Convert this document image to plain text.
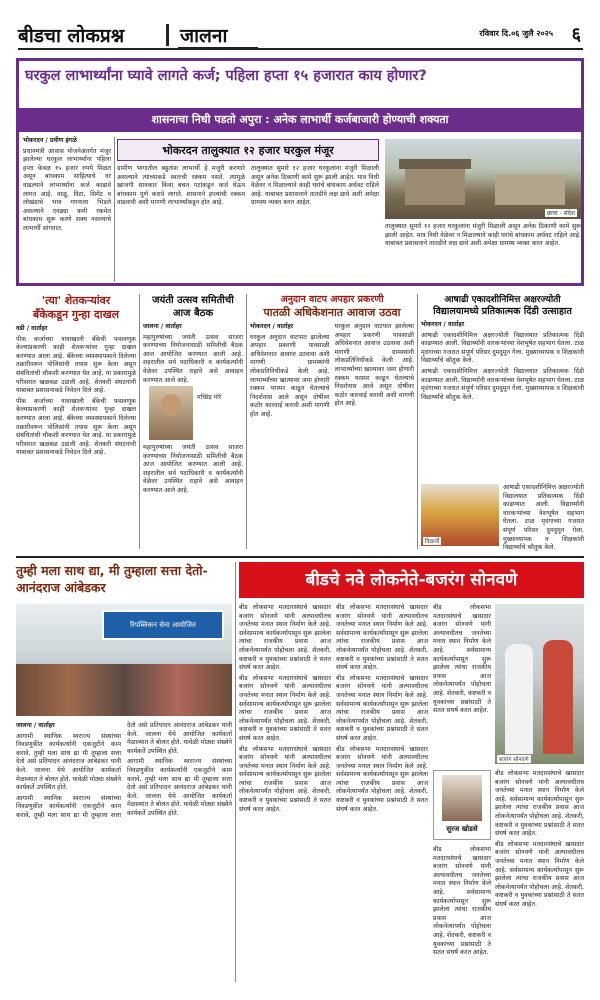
बीडचा लोकप्रश्न	जालना	रविवार दि.०६ जुलै २०२५ ६
घरकुल लाभार्थ्यांना घ्यावे लागते कर्ज; पहिला हप्ता १५ हजारात काय होणार?
शासनाचा निधी पडतो अपुरा : अनेक लाभार्थी कर्जबाजारी होण्याची शक्यता

भोकरदन / प्रवीण इंगळे

प्रधानमंत्री आवास योजनेअंतर्गत मंजूर झालेल्या घरकुल लाभार्थ्यांना पहिला हप्ता केवळ १५ हजार रुपये मिळत असून बांधकाम साहित्याचे दर वाढल्याने लाभार्थ्यांना कर्ज काढावे लागत आहे. वाळू, विटा, सिमेंट व लोखंडाचे भाव गगनाला भिडले असल्याने एवढ्या कमी रकमेत बांधकाम सुरू करणे शक्य नसल्याचे लाभार्थी सांगतात.

भोकरदन तालुक्यात १२ हजार घरकुल मंजूर

ग्रामीण भागातील बहुतांश लाभार्थी हे मजुरी करणारे असल्याने त्यांच्याकडे स्वतःची रक्कम नसते. त्यामुळे खाजगी सावकार किंवा बचत गटांकडून कर्ज घेऊन बांधकाम पूर्ण करावे लागते. शासनाने हप्त्यांची रक्कम वाढवावी अशी मागणी लाभार्थ्यांकडून होत आहे.

तालुक्यात सुमारे १२ हजार घरकुलांना मंजुरी मिळाली असून अनेक ठिकाणी कामे सुरू झाली आहेत. मात्र निधी वेळेवर न मिळाल्याने काही घरांचे बांधकाम अर्धवट राहिले आहे. याबाबत प्रशासनाने तातडीने लक्ष द्यावे अशी अपेक्षा ग्रामस्थ व्यक्त करत आहेत.

छाया - संदेश

तालुक्यात सुमारे १२ हजार घरकुलांना मंजुरी मिळाली असून अनेक ठिकाणी कामे सुरू झाली आहेत. मात्र निधी वेळेवर न मिळाल्याने काही घरांचे बांधकाम अर्धवट राहिले आहे. याबाबत प्रशासनाने तातडीने लक्ष द्यावे अशी अपेक्षा ग्रामस्थ व्यक्त करत आहेत.

'त्या' शेतकऱ्यांवर
बँकेकडून गुन्हा दाखल

वडी / वार्ताहर

पीक कर्जाच्या नावाखाली बँकेची फसवणूक केल्याप्रकरणी काही शेतकऱ्यांवर गुन्हा दाखल करण्यात आला आहे. बँकेच्या व्यवस्थापकाने दिलेल्या तक्रारीवरून पोलिसांनी तपास सुरू केला असून संबंधितांची चौकशी करण्यात येत आहे. या प्रकारामुळे परिसरात खळबळ उडाली आहे. शेतकरी संघटनांनी याबाबत प्रशासनाकडे निवेदन दिले आहे.

पीक कर्जाच्या नावाखाली बँकेची फसवणूक केल्याप्रकरणी काही शेतकऱ्यांवर गुन्हा दाखल करण्यात आला आहे. बँकेच्या व्यवस्थापकाने दिलेल्या तक्रारीवरून पोलिसांनी तपास सुरू केला असून संबंधितांची चौकशी करण्यात येत आहे. या प्रकारामुळे परिसरात खळबळ उडाली आहे. शेतकरी संघटनांनी याबाबत प्रशासनाकडे निवेदन दिले आहे.

जयंती उत्सव समितीची आज बैठक

जालना / वार्ताहर

महापुरुषांच्या जयंती उत्सव साजरा करण्याच्या नियोजनासाठी समितीची बैठक आज आयोजित करण्यात आली आहे. शहरातील सर्व पदाधिकारी व कार्यकर्त्यांनी वेळेवर उपस्थित राहावे असे आवाहन करण्यात आले आहे.

मच्छिंद्र मोरे

महापुरुषांच्या जयंती उत्सव साजरा करण्याच्या नियोजनासाठी समितीची बैठक आज आयोजित करण्यात आली आहे. शहरातील सर्व पदाधिकारी व कार्यकर्त्यांनी वेळेवर उपस्थित राहावे असे आवाहन करण्यात आले आहे.

अनुदान वाटप अपहार प्रकरणी
पातळी अधिकेशनात आवाज उठवा

भोकरदन / वार्ताहर

घरकुल अनुदान वाटपात झालेल्या अपहार प्रकरणी पावसाळी अधिवेशनात आवाज उठवावा अशी मागणी ग्रामस्थांनी लोकप्रतिनिधींकडे केली आहे. लाभार्थ्यांच्या खात्यावर जमा होणारी रक्कम परस्पर काढून घेतल्याचे निदर्शनास आले असून दोषींवर कठोर कारवाई करावी अशी मागणी होत आहे.

घरकुल अनुदान वाटपात झालेल्या अपहार प्रकरणी पावसाळी अधिवेशनात आवाज उठवावा अशी मागणी ग्रामस्थांनी लोकप्रतिनिधींकडे केली आहे. लाभार्थ्यांच्या खात्यावर जमा होणारी रक्कम परस्पर काढून घेतल्याचे निदर्शनास आले असून दोषींवर कठोर कारवाई करावी अशी मागणी होत आहे.

आषाढी एकादशीनिमित्त अक्षरज्योती
विद्यालयामध्ये प्रतिकात्मक दिंडी उत्साहात

भोकरदन / वार्ताहर

आषाढी एकादशीनिमित्त अक्षरज्योती विद्यालयात प्रतिकात्मक दिंडी काढण्यात आली. विद्यार्थ्यांनी वारकऱ्यांच्या वेशभूषेत सहभाग घेतला. टाळ मृदंगाच्या गजरात संपूर्ण परिसर दुमदुमून गेला. मुख्याध्यापक व शिक्षकांनी विद्यार्थ्यांचे कौतुक केले.

आषाढी एकादशीनिमित्त अक्षरज्योती विद्यालयात प्रतिकात्मक दिंडी काढण्यात आली. विद्यार्थ्यांनी वारकऱ्यांच्या वेशभूषेत सहभाग घेतला. टाळ मृदंगाच्या गजरात संपूर्ण परिसर दुमदुमून गेला. मुख्याध्यापक व शिक्षकांनी विद्यार्थ्यांचे कौतुक केले.

विद्यार्थी

आषाढी एकादशीनिमित्त अक्षरज्योती विद्यालयात प्रतिकात्मक दिंडी काढण्यात आली. विद्यार्थ्यांनी वारकऱ्यांच्या वेशभूषेत सहभाग घेतला. टाळ मृदंगाच्या गजरात संपूर्ण परिसर दुमदुमून गेला. मुख्याध्यापक व शिक्षकांनी विद्यार्थ्यांचे कौतुक केले.

तुम्ही मला साथ द्या, मी तुम्हाला सत्ता देतो-आनंदराज आंबेडकर
रिपब्लिकन सेना आयोजित

जालना / वार्ताहर

आगामी स्थानिक स्वराज्य संस्थांच्या निवडणुकीत कार्यकर्त्यांनी एकजुटीने काम करावे, तुम्ही मला साथ द्या मी तुम्हाला सत्ता देतो असे प्रतिपादन आनंदराज आंबेडकर यांनी केले. जालना येथे आयोजित कार्यकर्ता मेळाव्यात ते बोलत होते. यावेळी मोठ्या संख्येने कार्यकर्ते उपस्थित होते.

आगामी स्थानिक स्वराज्य संस्थांच्या निवडणुकीत कार्यकर्त्यांनी एकजुटीने काम करावे, तुम्ही मला साथ द्या मी तुम्हाला सत्ता देतो असे प्रतिपादन आनंदराज आंबेडकर यांनी केले. जालना येथे आयोजित कार्यकर्ता मेळाव्यात ते बोलत होते. यावेळी मोठ्या संख्येने कार्यकर्ते उपस्थित होते.

आगामी स्थानिक स्वराज्य संस्थांच्या निवडणुकीत कार्यकर्त्यांनी एकजुटीने काम करावे, तुम्ही मला साथ द्या मी तुम्हाला सत्ता देतो असे प्रतिपादन आनंदराज आंबेडकर यांनी केले. जालना येथे आयोजित कार्यकर्ता मेळाव्यात ते बोलत होते. यावेळी मोठ्या संख्येने कार्यकर्ते उपस्थित होते.

बीडचे नवे लोकनेते-बजरंग सोनवणे

बीड लोकसभा मतदारसंघाचे खासदार बजरंग सोनवणे यांनी अल्पावधीतच जनतेच्या मनात स्थान निर्माण केले आहे. सर्वसामान्य कार्यकर्त्यापासून सुरू झालेला त्यांचा राजकीय प्रवास आज लोकनेत्यापर्यंत पोहोचला आहे. शेतकरी, कष्टकरी व युवकांच्या प्रश्नांसाठी ते सतत संघर्ष करत आहेत.

बीड लोकसभा मतदारसंघाचे खासदार बजरंग सोनवणे यांनी अल्पावधीतच जनतेच्या मनात स्थान निर्माण केले आहे. सर्वसामान्य कार्यकर्त्यापासून सुरू झालेला त्यांचा राजकीय प्रवास आज लोकनेत्यापर्यंत पोहोचला आहे. शेतकरी, कष्टकरी व युवकांच्या प्रश्नांसाठी ते सतत संघर्ष करत आहेत.

बीड लोकसभा मतदारसंघाचे खासदार बजरंग सोनवणे यांनी अल्पावधीतच जनतेच्या मनात स्थान निर्माण केले आहे. सर्वसामान्य कार्यकर्त्यापासून सुरू झालेला त्यांचा राजकीय प्रवास आज लोकनेत्यापर्यंत पोहोचला आहे. शेतकरी, कष्टकरी व युवकांच्या प्रश्नांसाठी ते सतत संघर्ष करत आहेत.

बीड लोकसभा मतदारसंघाचे खासदार बजरंग सोनवणे यांनी अल्पावधीतच जनतेच्या मनात स्थान निर्माण केले आहे. सर्वसामान्य कार्यकर्त्यापासून सुरू झालेला त्यांचा राजकीय प्रवास आज लोकनेत्यापर्यंत पोहोचला आहे. शेतकरी, कष्टकरी व युवकांच्या प्रश्नांसाठी ते सतत संघर्ष करत आहेत.

बीड लोकसभा मतदारसंघाचे खासदार बजरंग सोनवणे यांनी अल्पावधीतच जनतेच्या मनात स्थान निर्माण केले आहे. सर्वसामान्य कार्यकर्त्यापासून सुरू झालेला त्यांचा राजकीय प्रवास आज लोकनेत्यापर्यंत पोहोचला आहे. शेतकरी, कष्टकरी व युवकांच्या प्रश्नांसाठी ते सतत संघर्ष करत आहेत.

बीड लोकसभा मतदारसंघाचे खासदार बजरंग सोनवणे यांनी अल्पावधीतच जनतेच्या मनात स्थान निर्माण केले आहे. सर्वसामान्य कार्यकर्त्यापासून सुरू झालेला त्यांचा राजकीय प्रवास आज लोकनेत्यापर्यंत पोहोचला आहे. शेतकरी, कष्टकरी व युवकांच्या प्रश्नांसाठी ते सतत संघर्ष करत आहेत.

बीड लोकसभा मतदारसंघाचे खासदार बजरंग सोनवणे यांनी अल्पावधीतच जनतेच्या मनात स्थान निर्माण केले आहे. सर्वसामान्य कार्यकर्त्यापासून सुरू झालेला त्यांचा राजकीय प्रवास आज लोकनेत्यापर्यंत पोहोचला आहे. शेतकरी, कष्टकरी व युवकांच्या प्रश्नांसाठी ते सतत संघर्ष करत आहेत.

बजरंग सोनवणे
सुरज खोडसे

बीड लोकसभा मतदारसंघाचे खासदार बजरंग सोनवणे यांनी अल्पावधीतच जनतेच्या मनात स्थान निर्माण केले आहे. सर्वसामान्य कार्यकर्त्यापासून सुरू झालेला त्यांचा राजकीय प्रवास आज लोकनेत्यापर्यंत पोहोचला आहे. शेतकरी, कष्टकरी व युवकांच्या प्रश्नांसाठी ते सतत संघर्ष करत आहेत.

बीड लोकसभा मतदारसंघाचे खासदार बजरंग सोनवणे यांनी अल्पावधीतच जनतेच्या मनात स्थान निर्माण केले आहे. सर्वसामान्य कार्यकर्त्यापासून सुरू झालेला त्यांचा राजकीय प्रवास आज लोकनेत्यापर्यंत पोहोचला आहे. शेतकरी, कष्टकरी व युवकांच्या प्रश्नांसाठी ते सतत संघर्ष करत आहेत.

बीड लोकसभा मतदारसंघाचे खासदार बजरंग सोनवणे यांनी अल्पावधीतच जनतेच्या मनात स्थान निर्माण केले आहे. सर्वसामान्य कार्यकर्त्यापासून सुरू झालेला त्यांचा राजकीय प्रवास आज लोकनेत्यापर्यंत पोहोचला आहे. शेतकरी, कष्टकरी व युवकांच्या प्रश्नांसाठी ते सतत संघर्ष करत आहेत.
